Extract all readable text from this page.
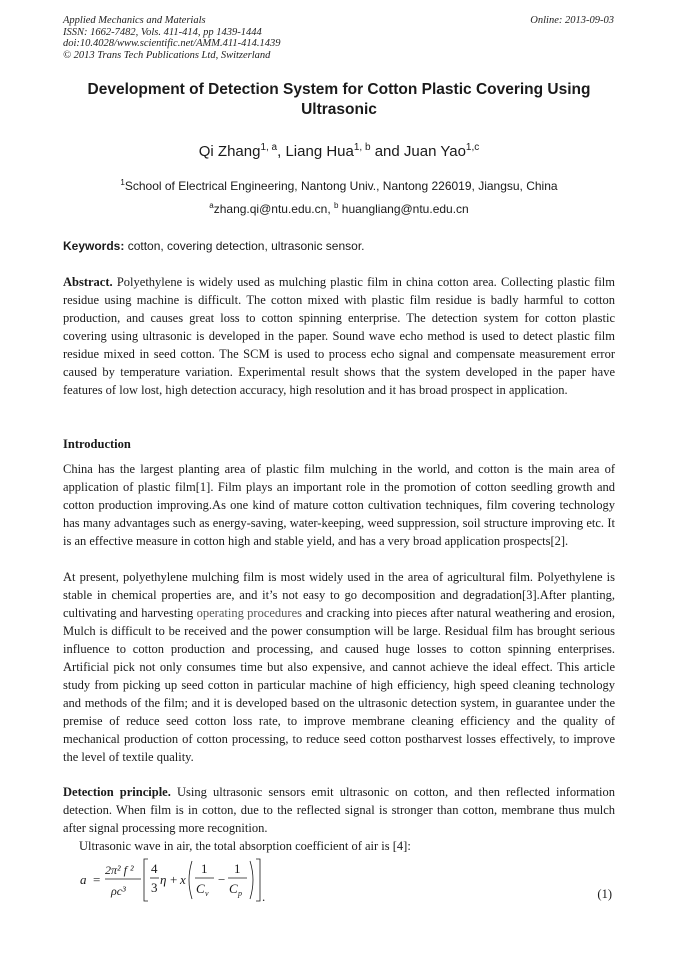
Applied Mechanics and Materials
ISSN: 1662-7482, Vols. 411-414, pp 1439-1444
doi:10.4028/www.scientific.net/AMM.411-414.1439
© 2013 Trans Tech Publications Ltd, Switzerland
Online: 2013-09-03
Development of Detection System for Cotton Plastic Covering Using Ultrasonic
Qi Zhang$^{1, a}$, Liang Hua$^{1, b}$ and Juan Yao$^{1,c}$
$^1$School of Electrical Engineering, Nantong Univ., Nantong 226019, Jiangsu, China
$^a$zhang.qi@ntu.edu.cn, $^b$ huangliang@ntu.edu.cn
Keywords: cotton, covering detection, ultrasonic sensor.
Abstract. Polyethylene is widely used as mulching plastic film in china cotton area. Collecting plastic film residue using machine is difficult. The cotton mixed with plastic film residue is badly harmful to cotton production, and causes great loss to cotton spinning enterprise. The detection system for cotton plastic covering using ultrasonic is developed in the paper. Sound wave echo method is used to detect plastic film residue mixed in seed cotton. The SCM is used to process echo signal and compensate measurement error caused by temperature variation. Experimental result shows that the system developed in the paper have features of low lost, high detection accuracy, high resolution and it has broad prospect in application.
Introduction
China has the largest planting area of plastic film mulching in the world, and cotton is the main area of application of plastic film[1]. Film plays an important role in the promotion of cotton seedling growth and cotton production improving.As one kind of mature cotton cultivation techniques, film covering technology has many advantages such as energy-saving, water-keeping, weed suppression, soil structure improving etc. It is an effective measure in cotton high and stable yield, and has a very broad application prospects[2].
At present, polyethylene mulching film is most widely used in the area of agricultural film. Polyethylene is stable in chemical properties are, and it’s not easy to go decomposition and degradation[3].After planting, cultivating and harvesting operating procedures and cracking into pieces after natural weathering and erosion, Mulch is difficult to be received and the power consumption will be large. Residual film has brought serious influence to cotton production and processing, and caused huge losses to cotton spinning enterprises. Artificial pick not only consumes time but also expensive, and cannot achieve the ideal effect. This article study from picking up seed cotton in particular machine of high efficiency, high speed cleaning technology and methods of the film; and it is developed based on the ultrasonic detection system, in guarantee under the premise of reduce seed cotton loss rate, to improve membrane cleaning efficiency and the quality of mechanical production of cotton processing, to reduce seed cotton postharvest losses effectively, to improve the level of textile quality.
Detection principle. Using ultrasonic sensors emit ultrasonic on cotton, and then reflected information detection. When film is in cotton, due to the reflected signal is stronger than cotton, membrane thus mulch after signal processing more recognition.
Ultrasonic wave in air, the total absorption coefficient of air is [4]:
a =
2π² f ²
ρc³
4
3
η + x
1
C v
−
1
C p .	(1)
